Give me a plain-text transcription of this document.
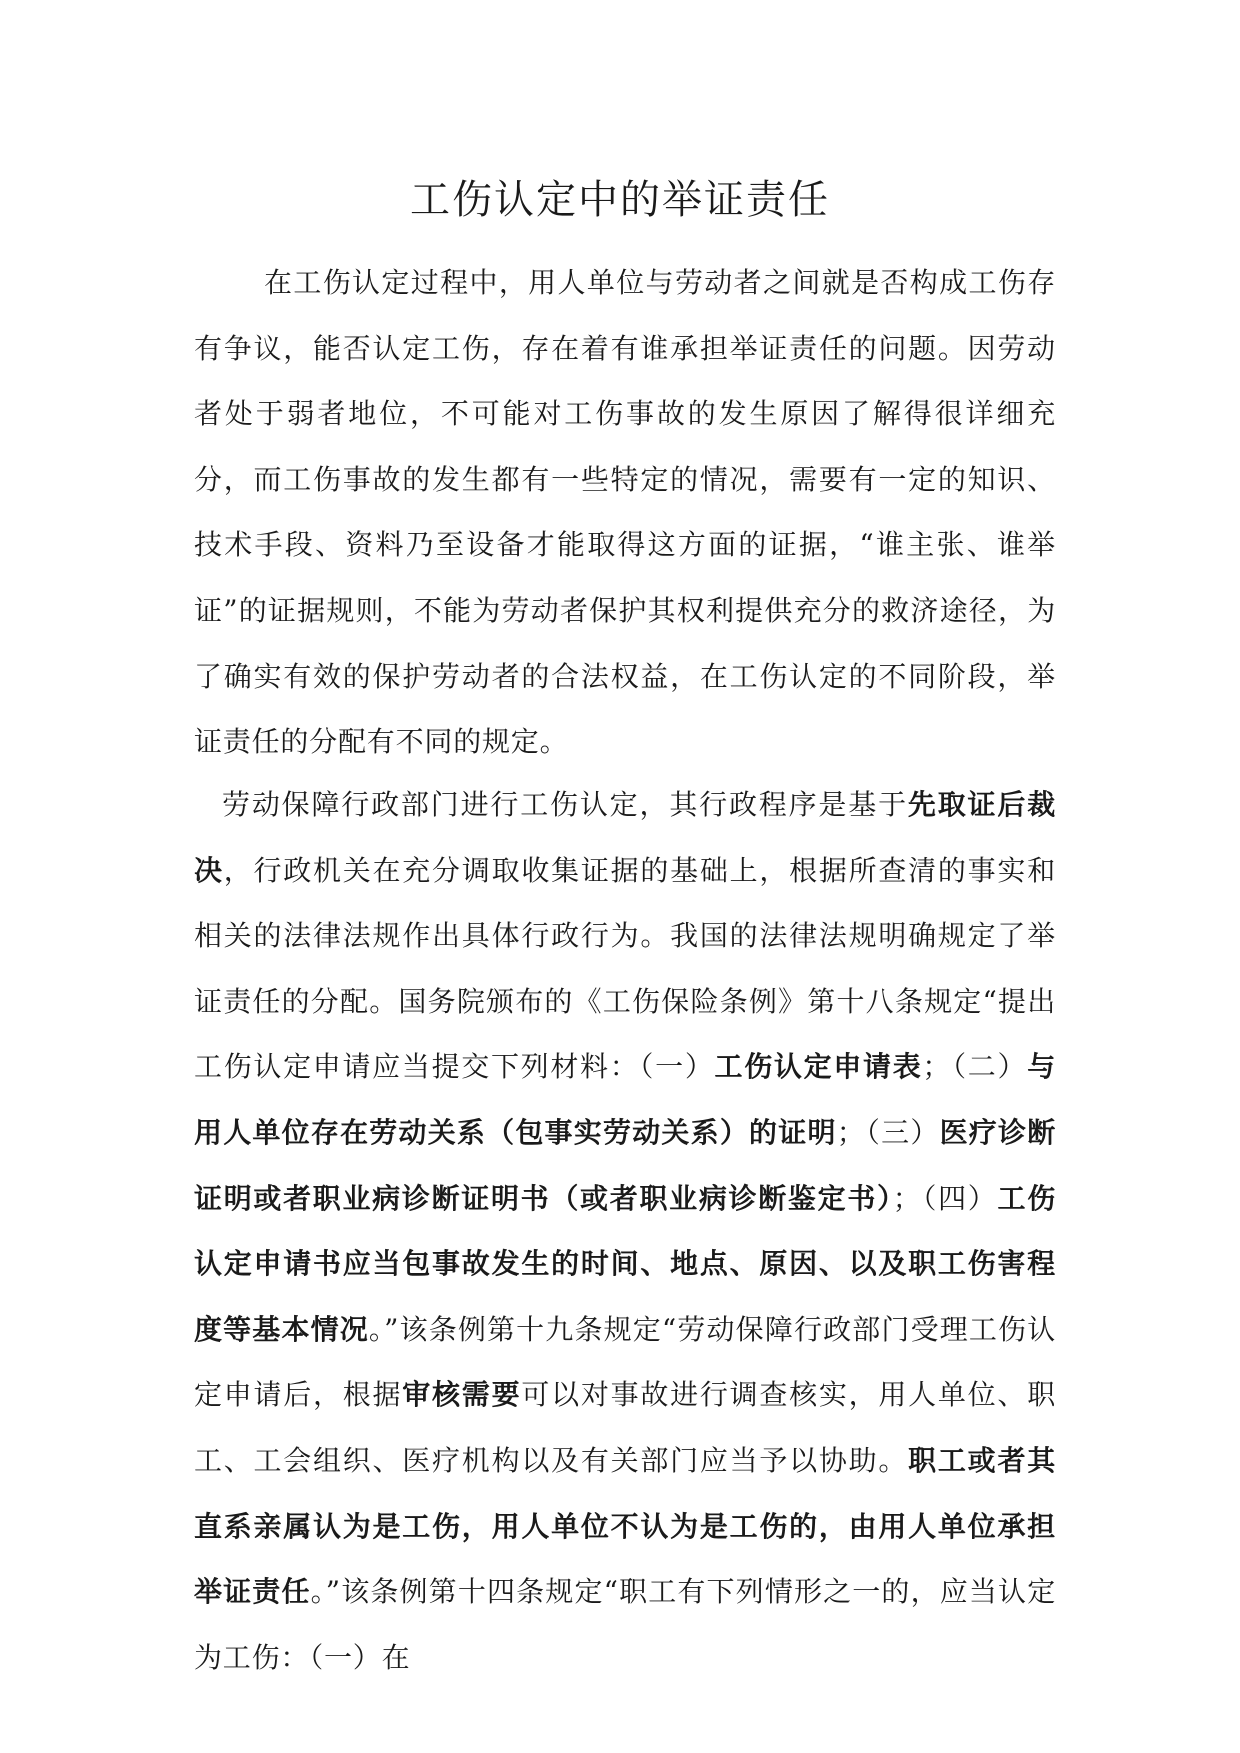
工伤认定中的举证责任

在工伤认定过程中，用人单位与劳动者之间就是否构成工伤存有争议，能否认定工伤，存在着有谁承担举证责任的问题。因劳动者处于弱者地位，不可能对工伤事故的发生原因了解得很详细充分，而工伤事故的发生都有一些特定的情况，需要有一定的知识、技术手段、资料乃至设备才能取得这方面的证据，“谁主张、谁举证”的证据规则，不能为劳动者保护其权利提供充分的救济途径，为了确实有效的保护劳动者的合法权益，在工伤认定的不同阶段，举证责任的分配有不同的规定。

劳动保障行政部门进行工伤认定，其行政程序是基于先取证后裁决，行政机关在充分调取收集证据的基础上，根据所查清的事实和相关的法律法规作出具体行政行为。我国的法律法规明确规定了举证责任的分配。国务院颁布的《工伤保险条例》第十八条规定“提出工伤认定申请应当提交下列材料：（一）工伤认定申请表；（二）与用人单位存在劳动关系（包事实劳动关系）的证明；（三）医疗诊断证明或者职业病诊断证明书（或者职业病诊断鉴定书）；（四）工伤认定申请书应当包事故发生的时间、地点、原因、以及职工伤害程度等基本情况。”该条例第十九条规定“劳动保障行政部门受理工伤认定申请后，根据审核需要可以对事故进行调查核实，用人单位、职工、工会组织、医疗机构以及有关部门应当予以协助。职工或者其直系亲属认为是工伤，用人单位不认为是工伤的，由用人单位承担举证责任。”该条例第十四条规定“职工有下列情形之一的，应当认定为工伤：（一）在
